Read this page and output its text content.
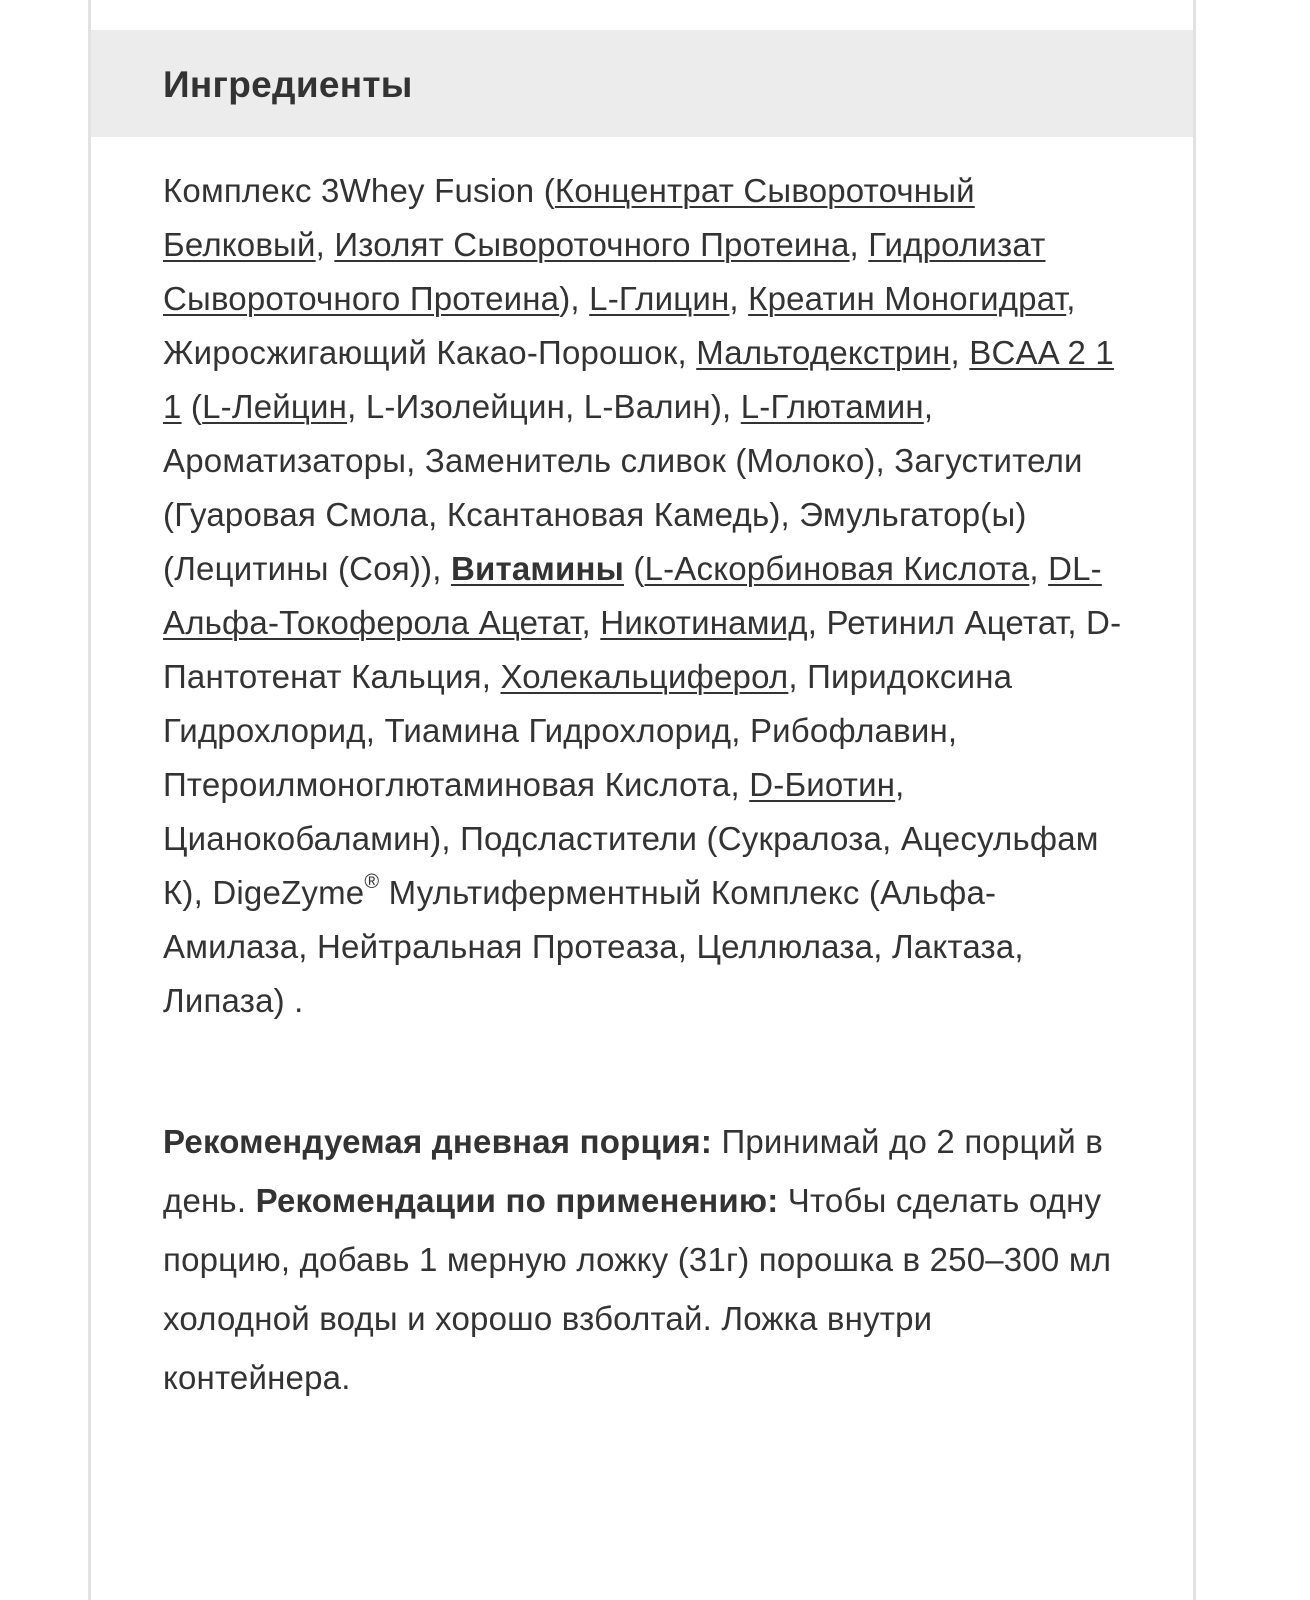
Ингредиенты

Комплекс 3Whey Fusion (Концентрат Сывороточный Белковый, Изолят Сывороточного Протеина, Гидролизат Сывороточного Протеина), L-Глицин, Креатин Моногидрат, Жиросжигающий Какао-Порошок, Мальтодекстрин, BCAA 2 1 1 (L-Лейцин, L-Изолейцин, L-Валин), L-Глютамин, Ароматизаторы, Заменитель сливок (Молоко), Загустители (Гуаровая Смола, Ксантановая Камедь), Эмульгатор(ы) (Лецитины (Соя)), Витамины (L-Аскорбиновая Кислота, DL-Альфа-Токоферола Ацетат, Никотинамид, Ретинил Ацетат, D-Пантотенат Кальция, Холекальциферол, Пиридоксина Гидрохлорид, Тиамина Гидрохлорид, Рибофлавин, Птероилмоноглютаминовая Кислота, D-Биотин, Цианокобаламин), Подсластители (Сукралоза, Ацесульфам К), DigeZyme® Мультиферментный Комплекс (Альфа-Амилаза, Нейтральная Протеаза, Целлюлаза, Лактаза, Липаза) .

Рекомендуемая дневная порция: Принимай до 2 порций в день. Рекомендации по применению: Чтобы сделать одну порцию, добавь 1 мерную ложку (31г) порошка в 250–300 мл холодной воды и хорошо взболтай. Ложка внутри контейнера.
